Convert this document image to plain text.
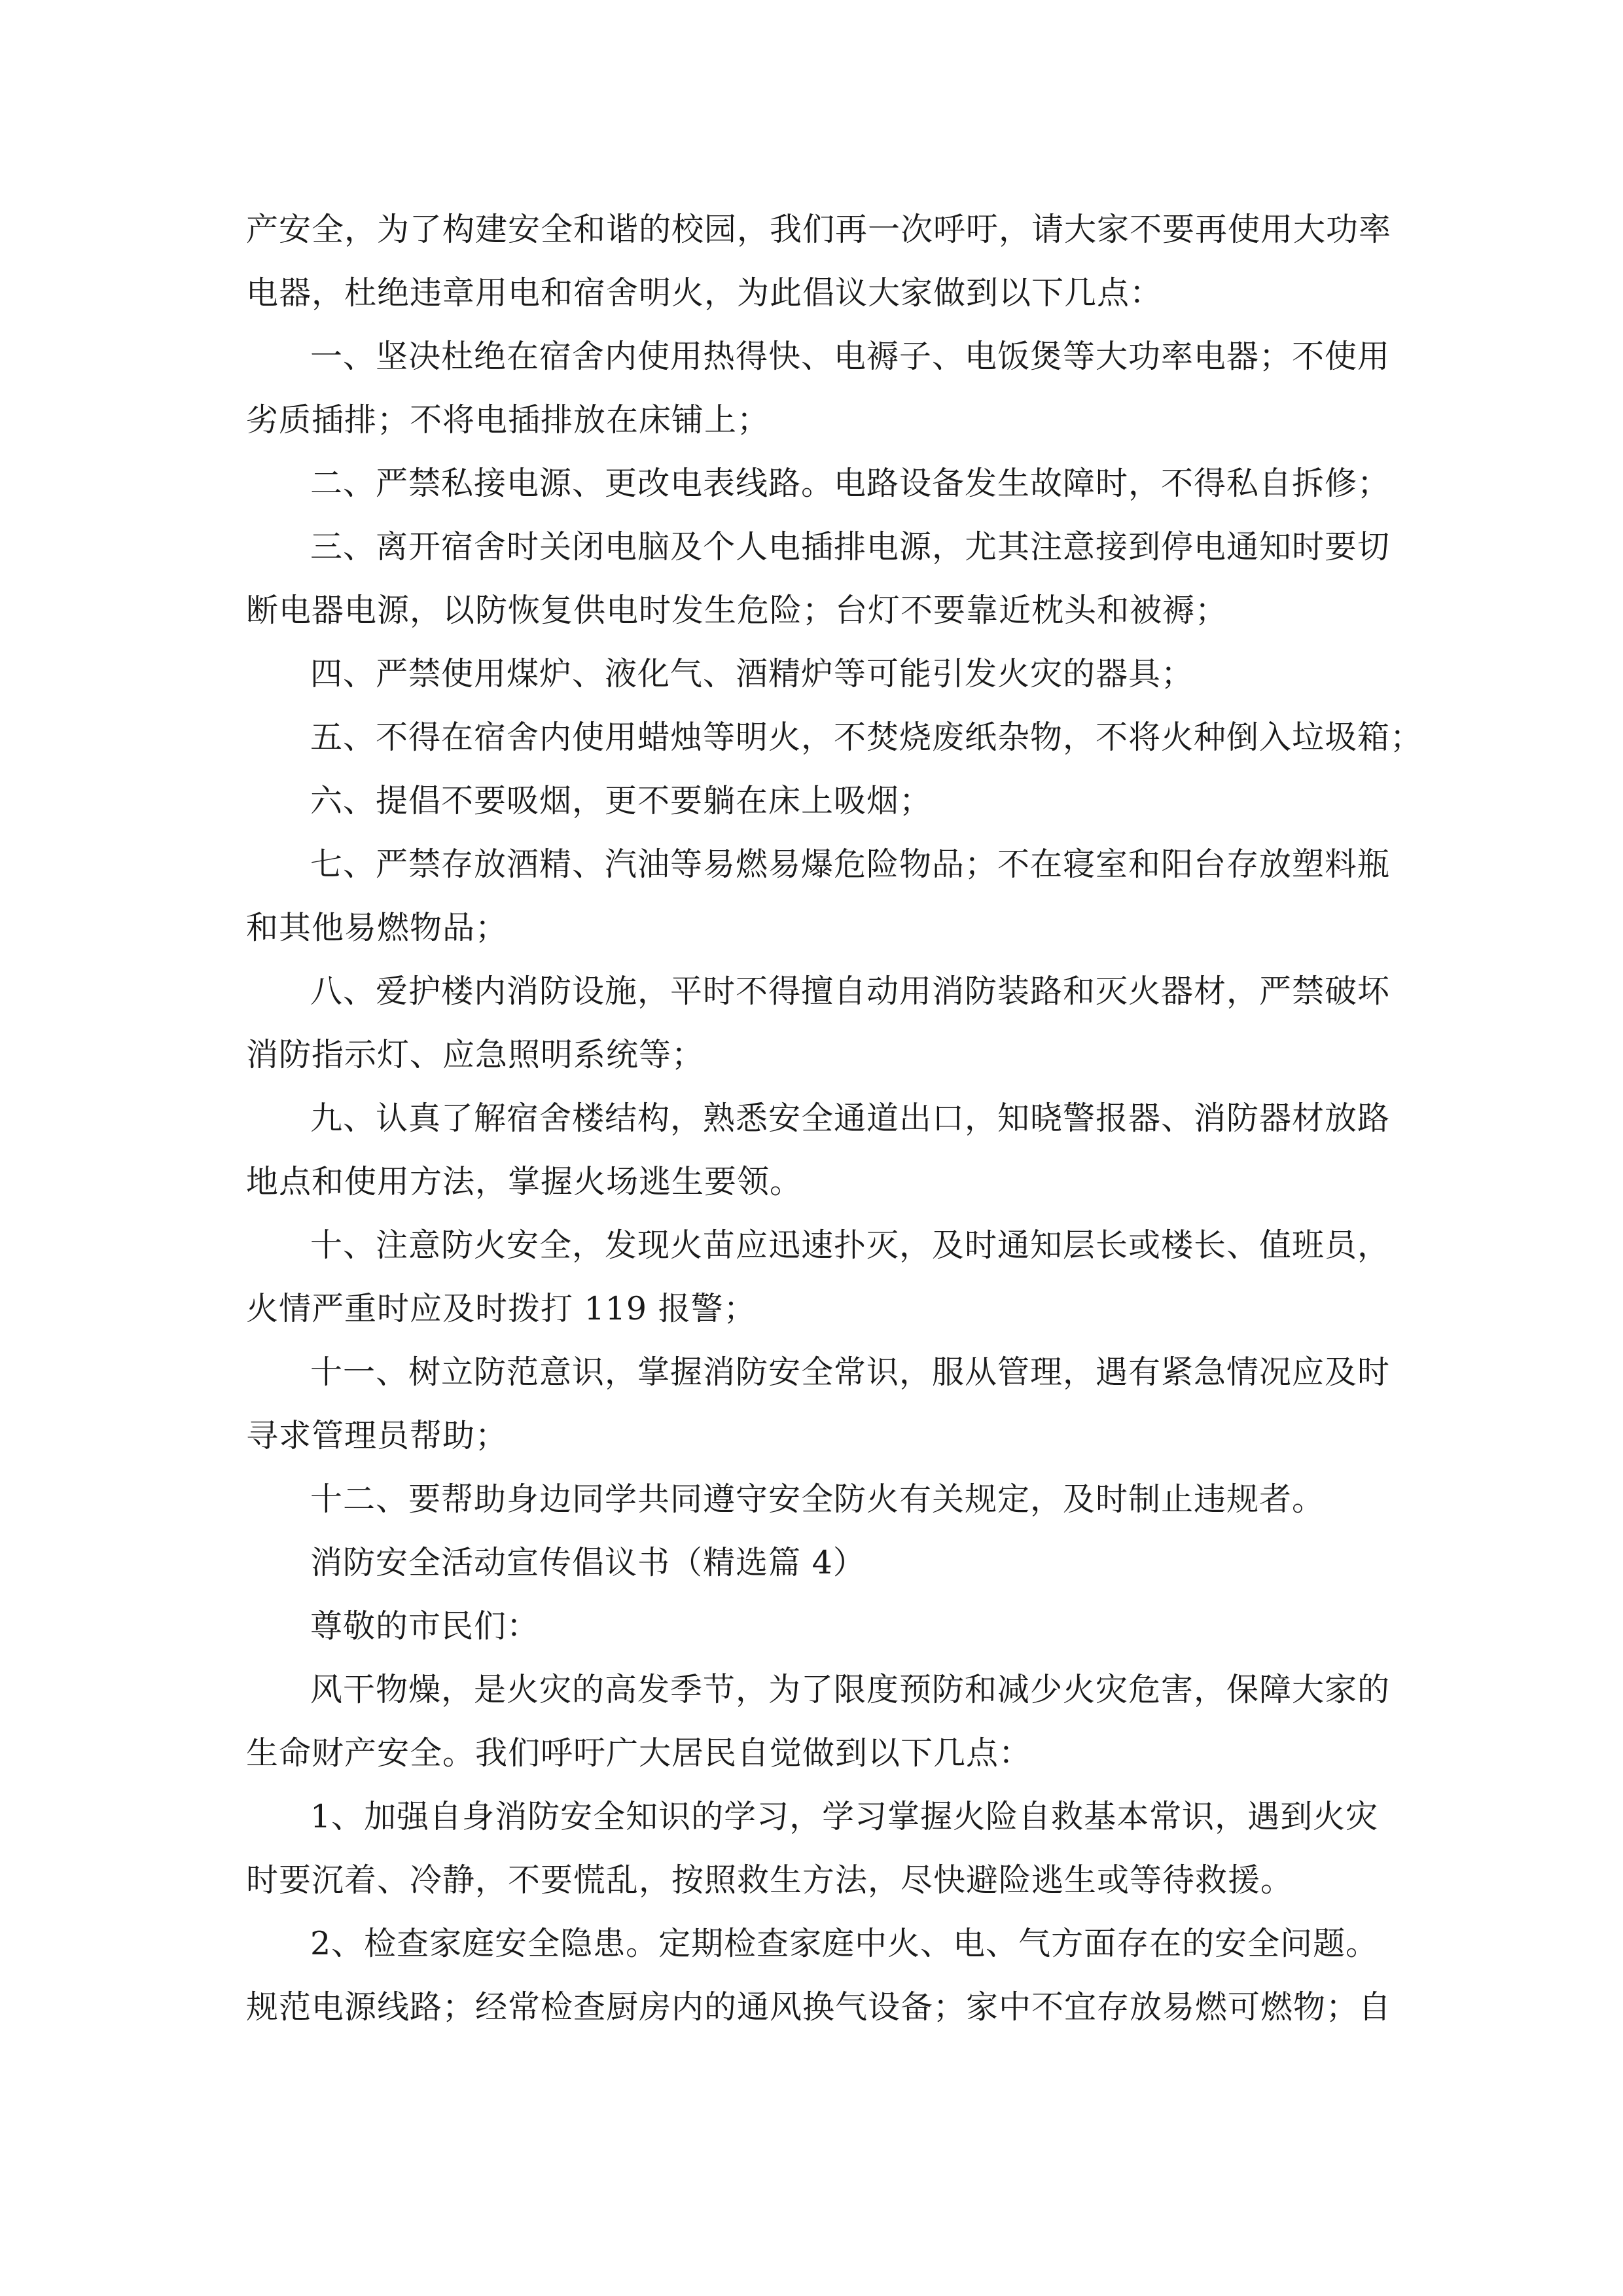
产安全，为了构建安全和谐的校园，我们再一次呼吁，请大家不要再使用大功率
电器，杜绝违章用电和宿舍明火，为此倡议大家做到以下几点：
一、坚决杜绝在宿舍内使用热得快、电褥子、电饭煲等大功率电器；不使用
劣质插排；不将电插排放在床铺上；
二、严禁私接电源、更改电表线路。电路设备发生故障时，不得私自拆修；
三、离开宿舍时关闭电脑及个人电插排电源，尤其注意接到停电通知时要切
断电器电源，以防恢复供电时发生危险；台灯不要靠近枕头和被褥；
四、严禁使用煤炉、液化气、酒精炉等可能引发火灾的器具；
五、不得在宿舍内使用蜡烛等明火，不焚烧废纸杂物，不将火种倒入垃圾箱；
六、提倡不要吸烟，更不要躺在床上吸烟；
七、严禁存放酒精、汽油等易燃易爆危险物品；不在寝室和阳台存放塑料瓶
和其他易燃物品；
八、爱护楼内消防设施，平时不得擅自动用消防装路和灭火器材，严禁破坏
消防指示灯、应急照明系统等；
九、认真了解宿舍楼结构，熟悉安全通道出口，知晓警报器、消防器材放路
地点和使用方法，掌握火场逃生要领。
十、注意防火安全，发现火苗应迅速扑灭，及时通知层长或楼长、值班员，
火情严重时应及时拨打 119 报警；
十一、树立防范意识，掌握消防安全常识，服从管理，遇有紧急情况应及时
寻求管理员帮助；
十二、要帮助身边同学共同遵守安全防火有关规定，及时制止违规者。
消防安全活动宣传倡议书（精选篇 4）
尊敬的市民们：
风干物燥，是火灾的高发季节，为了限度预防和减少火灾危害，保障大家的
生命财产安全。我们呼吁广大居民自觉做到以下几点：
1、加强自身消防安全知识的学习，学习掌握火险自救基本常识，遇到火灾
时要沉着、冷静，不要慌乱，按照救生方法，尽快避险逃生或等待救援。
2、检查家庭安全隐患。定期检查家庭中火、电、气方面存在的安全问题。
规范电源线路；经常检查厨房内的通风换气设备；家中不宜存放易燃可燃物；自
